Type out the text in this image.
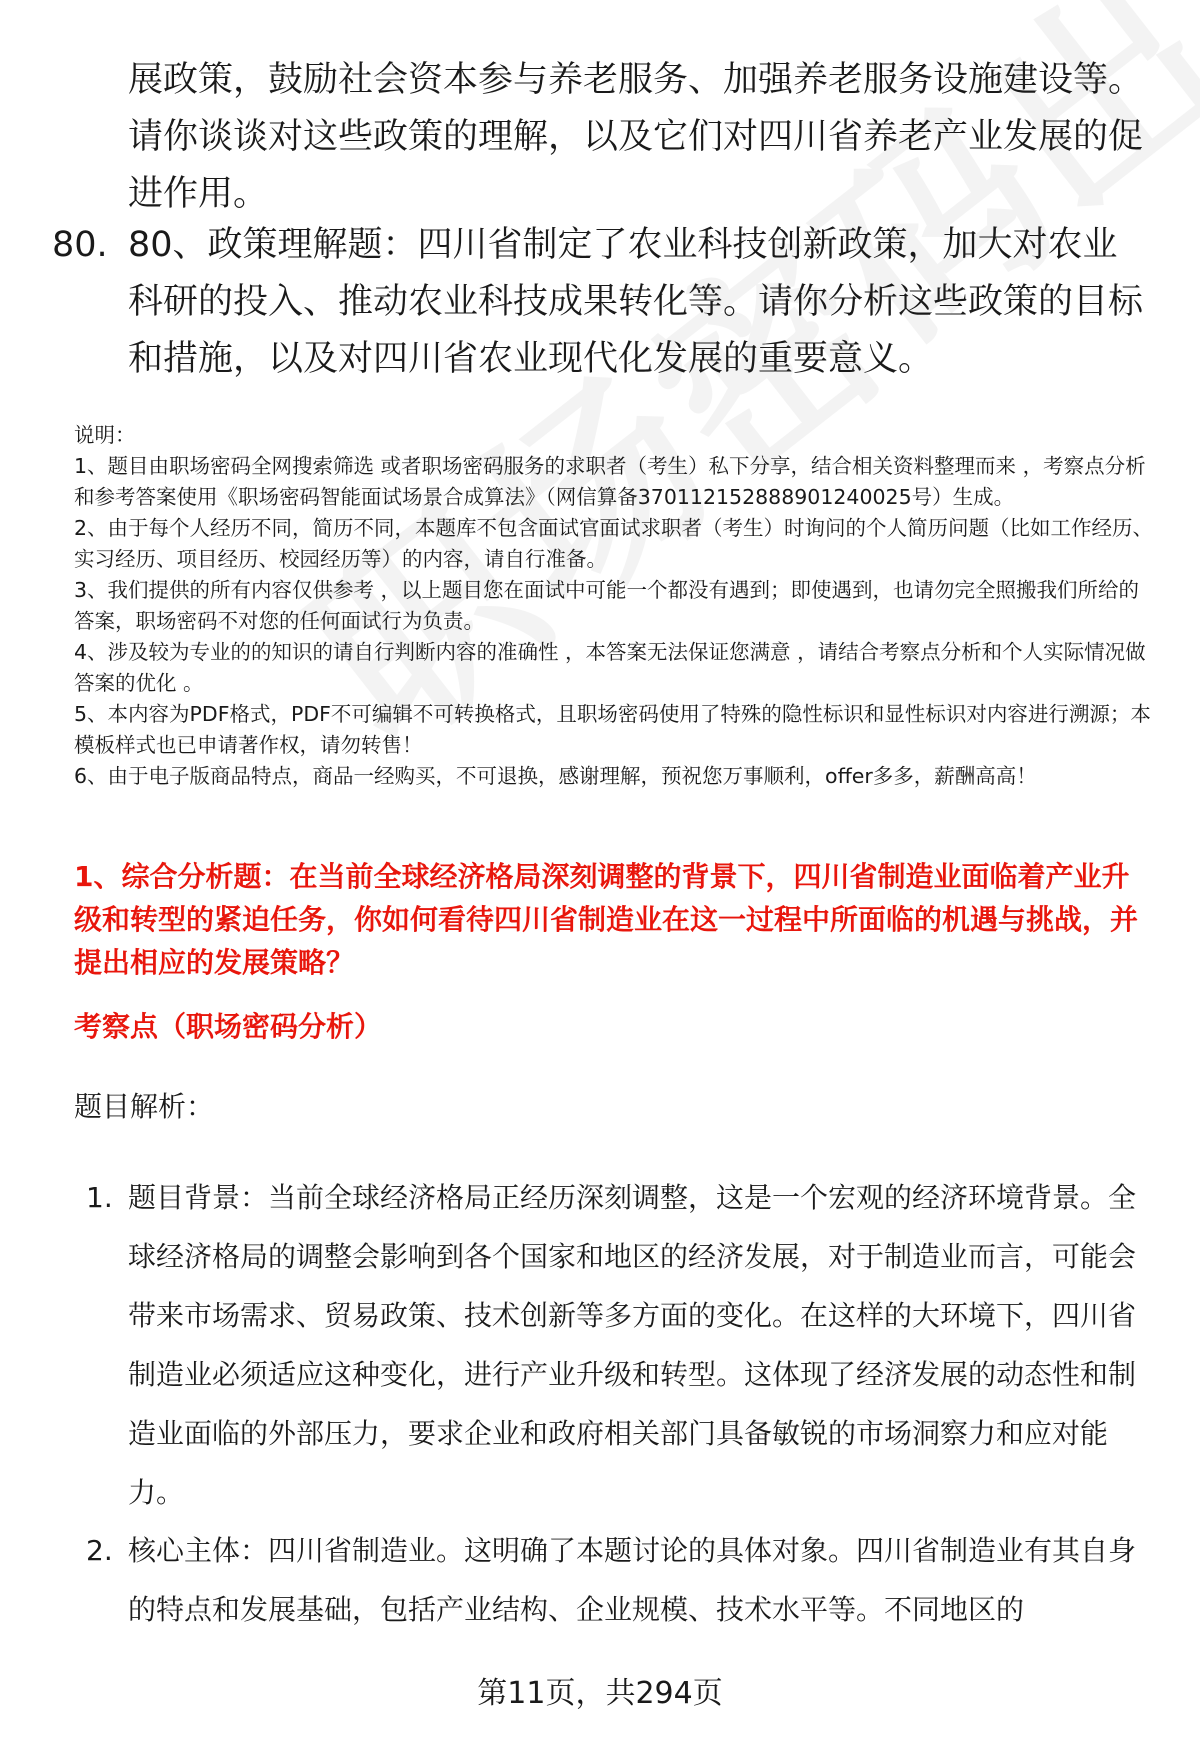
展政策，鼓励社会资本参与养老服务、加强养老服务设施建设等。请你谈谈对这些政策的理解，以及它们对四川省养老产业发展的促进作用。

80. 80、政策理解题：四川省制定了农业科技创新政策，加大对农业科研的投入、推动农业科技成果转化等。请你分析这些政策的目标和措施，以及对四川省农业现代化发展的重要意义。

说明：

1、题目由职场密码全网搜索筛选 或者职场密码服务的求职者（考生）私下分享，结合相关资料整理而来 ，考察点分析和参考答案使用《职场密码智能面试场景合成算法》（网信算备370112152888901240025号）生成。

2、由于每个人经历不同，简历不同，本题库不包含面试官面试求职者（考生）时询问的个人简历问题（比如工作经历、实习经历、项目经历、校园经历等）的内容，请自行准备。

3、我们提供的所有内容仅供参考 ，以上题目您在面试中可能一个都没有遇到；即使遇到，也请勿完全照搬我们所给的答案，职场密码不对您的任何面试行为负责。

4、涉及较为专业的的知识的请自行判断内容的准确性 ，本答案无法保证您满意 ，请结合考察点分析和个人实际情况做答案的优化 。

5、本内容为PDF格式，PDF不可编辑不可转换格式，且职场密码使用了特殊的隐性标识和显性标识对内容进行溯源；本模板样式也已申请著作权，请勿转售！

6、由于电子版商品特点，商品一经购买，不可退换，感谢理解，预祝您万事顺利，offer多多，薪酬高高！

1、综合分析题：在当前全球经济格局深刻调整的背景下，四川省制造业面临着产业升级和转型的紧迫任务，你如何看待四川省制造业在这一过程中所面临的机遇与挑战，并提出相应的发展策略？

考察点（职场密码分析）

题目解析：

1. 题目背景：当前全球经济格局正经历深刻调整，这是一个宏观的经济环境背景。全球经济格局的调整会影响到各个国家和地区的经济发展，对于制造业而言，可能会带来市场需求、贸易政策、技术创新等多方面的变化。在这样的大环境下，四川省制造业必须适应这种变化，进行产业升级和转型。这体现了经济发展的动态性和制造业面临的外部压力，要求企业和政府相关部门具备敏锐的市场洞察力和应对能力。

2. 核心主体：四川省制造业。这明确了本题讨论的具体对象。四川省制造业有其自身的特点和发展基础，包括产业结构、企业规模、技术水平等。不同地区的

第11页，共294页
